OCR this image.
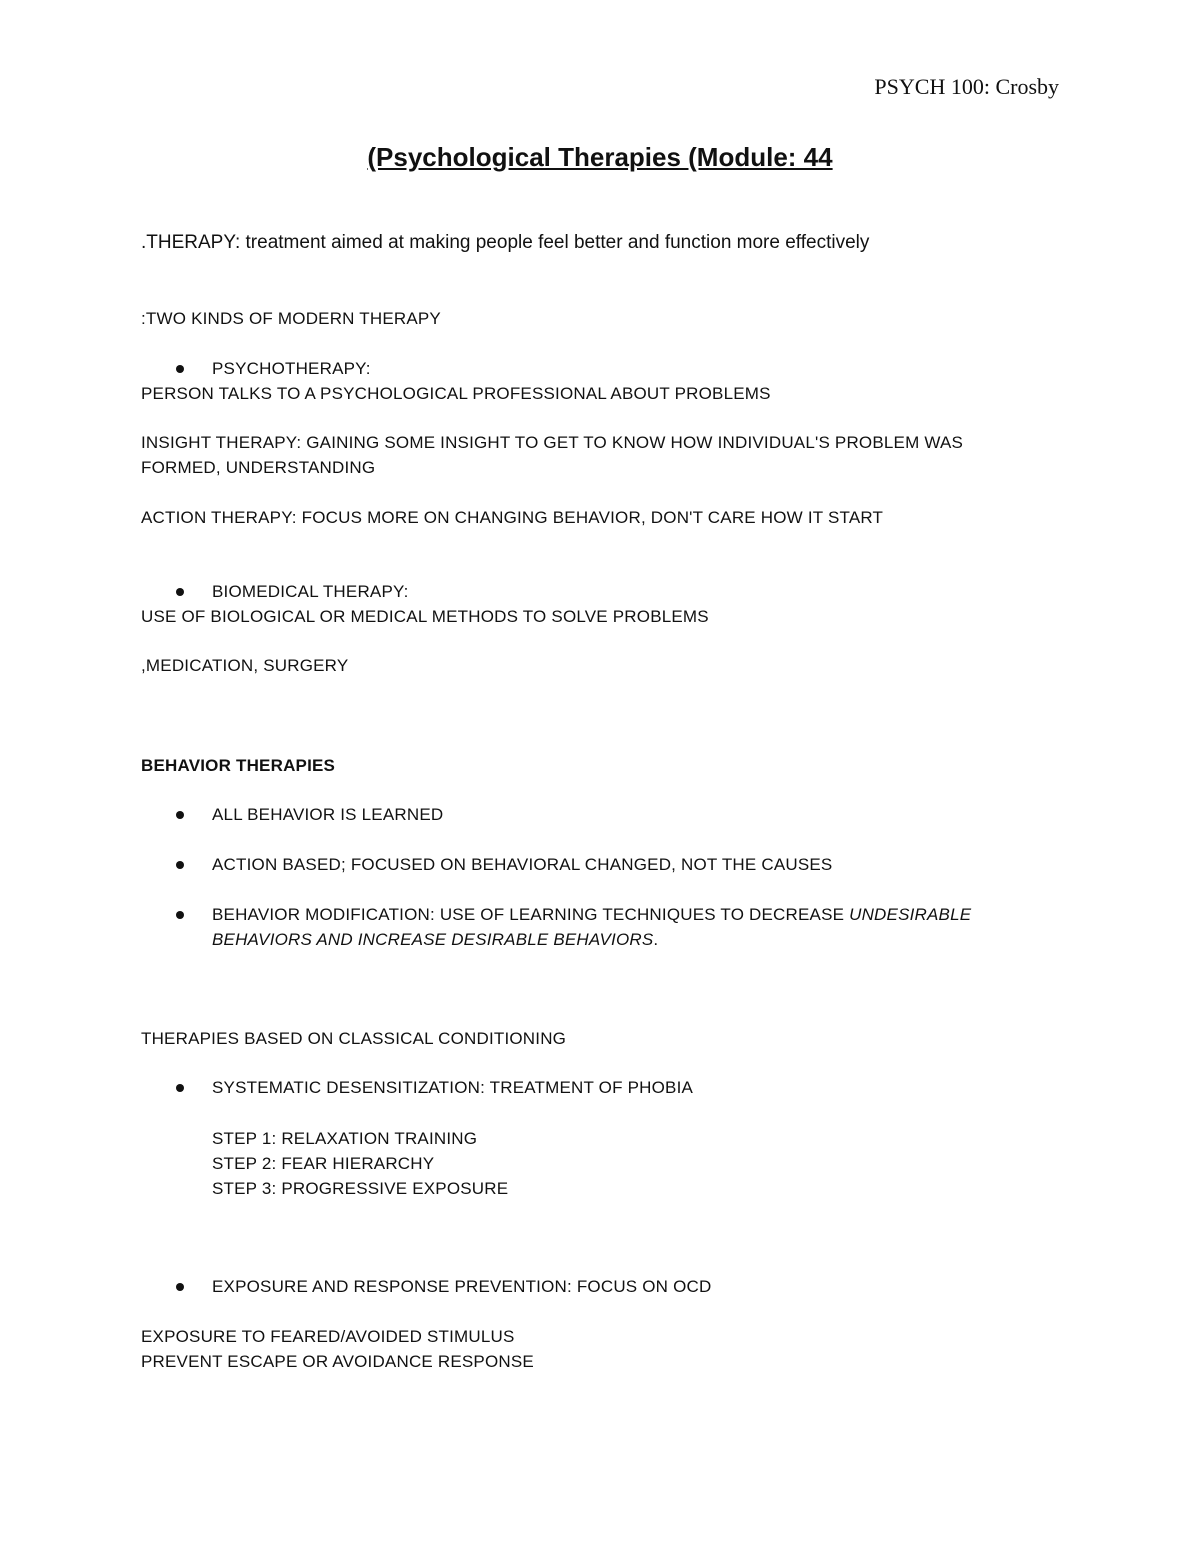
PSYCH 100: Crosby
(Psychological Therapies (Module: 44
.THERAPY: treatment aimed at making people feel better and function more effectively
:TWO KINDS OF MODERN THERAPY
PSYCHOTHERAPY:
PERSON TALKS TO A PSYCHOLOGICAL PROFESSIONAL ABOUT PROBLEMS
INSIGHT THERAPY: GAINING SOME INSIGHT TO GET TO KNOW HOW INDIVIDUAL'S PROBLEM WAS
FORMED, UNDERSTANDING
ACTION THERAPY: FOCUS MORE ON CHANGING BEHAVIOR, DON'T CARE HOW IT START
BIOMEDICAL THERAPY:
USE OF BIOLOGICAL OR MEDICAL METHODS TO SOLVE PROBLEMS
,MEDICATION, SURGERY
BEHAVIOR THERAPIES
ALL BEHAVIOR IS LEARNED
ACTION BASED; FOCUSED ON BEHAVIORAL CHANGED, NOT THE CAUSES
BEHAVIOR MODIFICATION: USE OF LEARNING TECHNIQUES TO DECREASE UNDESIRABLE
BEHAVIORS AND INCREASE DESIRABLE BEHAVIORS.
THERAPIES BASED ON CLASSICAL CONDITIONING
SYSTEMATIC DESENSITIZATION: TREATMENT OF PHOBIA
STEP 1: RELAXATION TRAINING
STEP 2: FEAR HIERARCHY
STEP 3: PROGRESSIVE EXPOSURE
EXPOSURE AND RESPONSE PREVENTION: FOCUS ON OCD
EXPOSURE TO FEARED/AVOIDED STIMULUS
PREVENT ESCAPE OR AVOIDANCE RESPONSE
